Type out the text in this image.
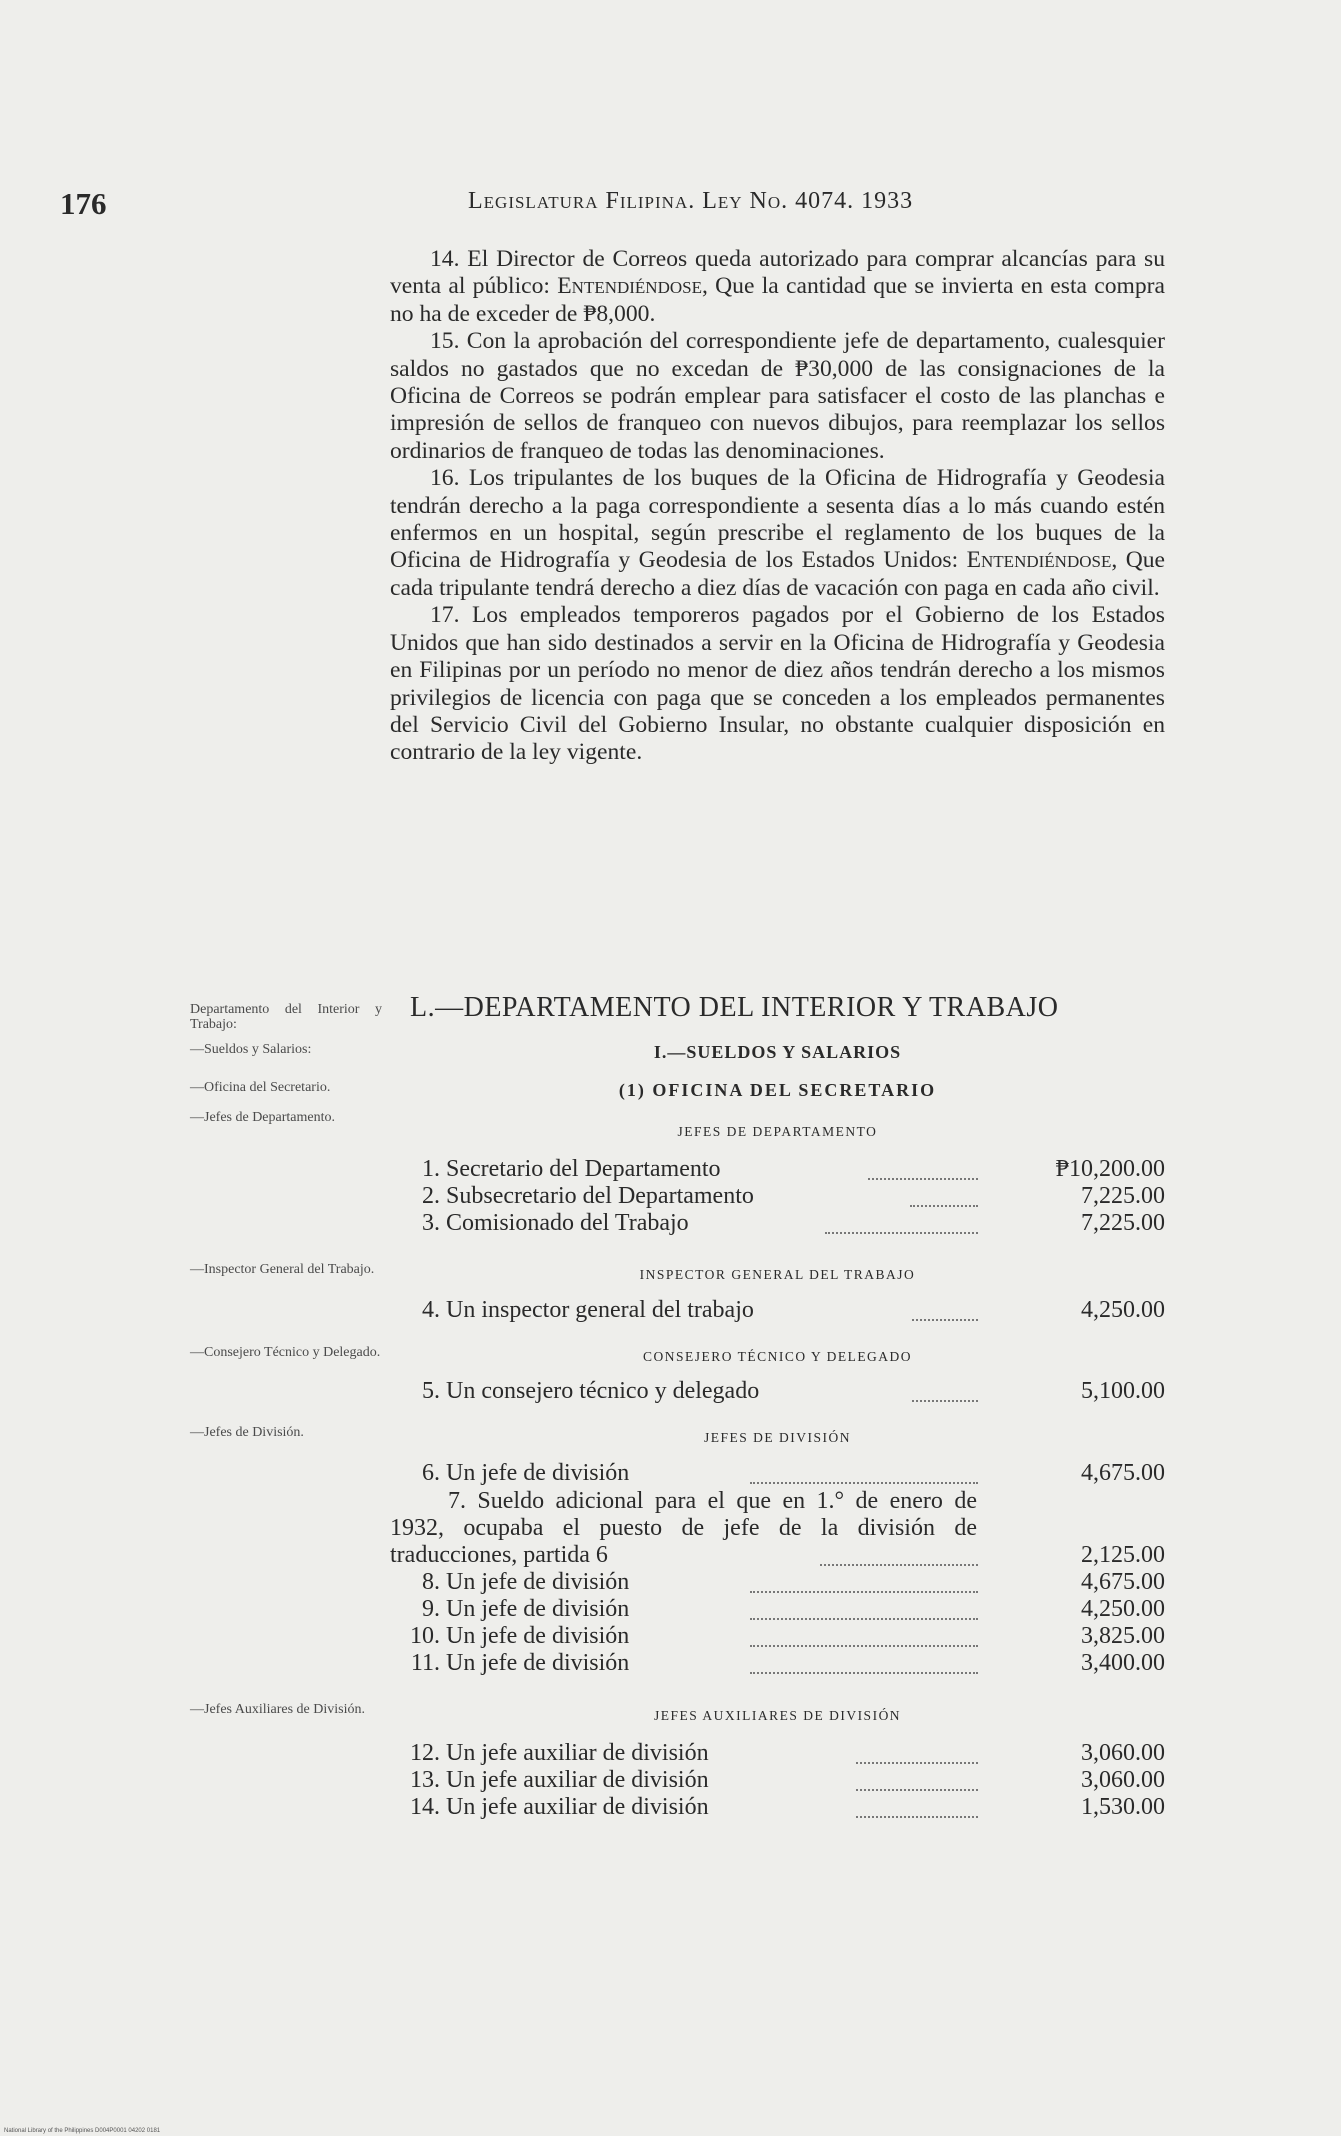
176	Legislatura Filipina. Ley No. 4074. 1933

14. El Director de Correos queda autorizado para comprar alcancías para su venta al público: Entendiéndose, Que la cantidad que se invierta en esta compra no ha de exceder de ₱8,000.

15. Con la aprobación del correspondiente jefe de departamento, cualesquier saldos no gastados que no excedan de ₱30,000 de las consignaciones de la Oficina de Correos se podrán emplear para satisfacer el costo de las planchas e impresión de sellos de franqueo con nuevos dibujos, para reemplazar los sellos ordinarios de franqueo de todas las denominaciones.

16. Los tripulantes de los buques de la Oficina de Hidrografía y Geodesia tendrán derecho a la paga correspondiente a sesenta días a lo más cuando estén enfermos en un hospital, según prescribe el reglamento de los buques de la Oficina de Hidrografía y Geodesia de los Estados Unidos: Entendiéndose, Que cada tripulante tendrá derecho a diez días de vacación con paga en cada año civil.

17. Los empleados temporeros pagados por el Gobierno de los Estados Unidos que han sido destinados a servir en la Oficina de Hidrografía y Geodesia en Filipinas por un período no menor de diez años tendrán derecho a los mismos privilegios de licencia con paga que se conceden a los empleados permanentes del Servicio Civil del Gobierno Insular, no obstante cualquier disposición en contrario de la ley vigente.

Departamento del Interior y Trabajo:
—Sueldos y Salarios:
—Oficina del Secretario.
—Jefes de Departamento.
—Inspector General del Trabajo.
—Consejero Técnico y Delegado.
—Jefes de División.
—Jefes Auxiliares de División.
L.—DEPARTAMENTO DEL INTERIOR Y TRABAJO
I.—SUELDOS Y SALARIOS
(1) OFICINA DEL SECRETARIO
JEFES DE DEPARTAMENTO
1. Secretario del Departamento	₱10,200.00
2. Subsecretario del Departamento	7,225.00
3. Comisionado del Trabajo	7,225.00
INSPECTOR GENERAL DEL TRABAJO
4. Un inspector general del trabajo	4,250.00
CONSEJERO TÉCNICO Y DELEGADO
5. Un consejero técnico y delegado	5,100.00
JEFES DE DIVISIÓN
6. Un jefe de división	4,675.00

7. Sueldo adicional para el que en 1.° de enero de 1932, ocupaba el puesto de jefe de la división de traducciones, partida 6	2,125.00
8. Un jefe de división	4,675.00
9. Un jefe de división	4,250.00
10. Un jefe de división	3,825.00
11. Un jefe de división	3,400.00
JEFES AUXILIARES DE DIVISIÓN
12. Un jefe auxiliar de división	3,060.00
13. Un jefe auxiliar de división	3,060.00
14. Un jefe auxiliar de división	1,530.00
National Library of the Philippines D004P0001 04202 0181
